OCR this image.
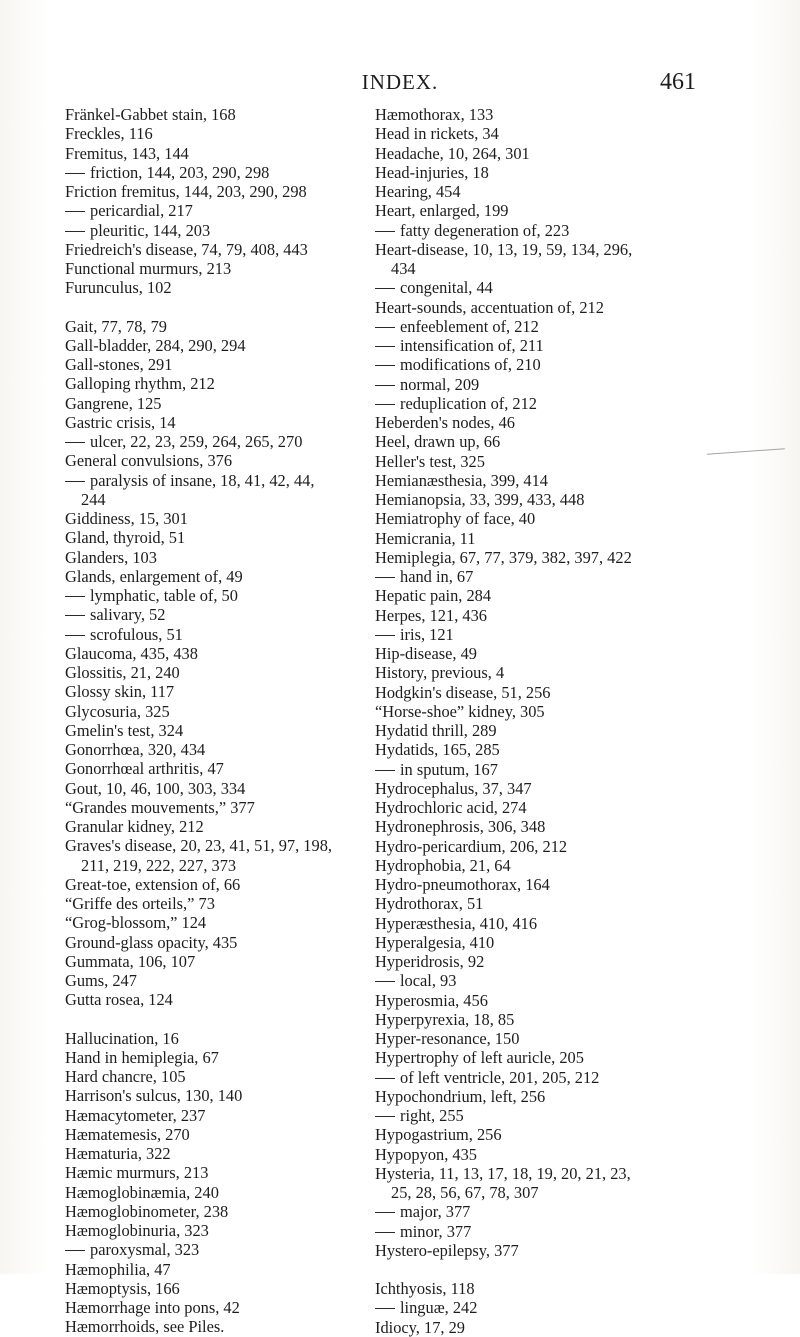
INDEX.	461
Fränkel-Gabbet stain, 168
Freckles, 116
Fremitus, 143, 144
friction, 144, 203, 290, 298
Friction fremitus, 144, 203, 290, 298
pericardial, 217
pleuritic, 144, 203
Friedreich's disease, 74, 79, 408, 443
Functional murmurs, 213
Furunculus, 102
Gait, 77, 78, 79
Gall-bladder, 284, 290, 294
Gall-stones, 291
Galloping rhythm, 212
Gangrene, 125
Gastric crisis, 14
ulcer, 22, 23, 259, 264, 265, 270
General convulsions, 376
paralysis of insane, 18, 41, 42, 44,
244
Giddiness, 15, 301
Gland, thyroid, 51
Glanders, 103
Glands, enlargement of, 49
lymphatic, table of, 50
salivary, 52
scrofulous, 51
Glaucoma, 435, 438
Glossitis, 21, 240
Glossy skin, 117
Glycosuria, 325
Gmelin's test, 324
Gonorrhœa, 320, 434
Gonorrhœal arthritis, 47
Gout, 10, 46, 100, 303, 334
“Grandes mouvements,” 377
Granular kidney, 212
Graves's disease, 20, 23, 41, 51, 97, 198,
211, 219, 222, 227, 373
Great-toe, extension of, 66
“Griffe des orteils,” 73
“Grog-blossom,” 124
Ground-glass opacity, 435
Gummata, 106, 107
Gums, 247
Gutta rosea, 124
Hallucination, 16
Hand in hemiplegia, 67
Hard chancre, 105
Harrison's sulcus, 130, 140
Hæmacytometer, 237
Hæmatemesis, 270
Hæmaturia, 322
Hæmic murmurs, 213
Hæmoglobinæmia, 240
Hæmoglobinometer, 238
Hæmoglobinuria, 323
paroxysmal, 323
Hæmophilia, 47
Hæmoptysis, 166
Hæmorrhage into pons, 42
Hæmorrhoids, see Piles.
Hæmothorax, 133
Head in rickets, 34
Headache, 10, 264, 301
Head-injuries, 18
Hearing, 454
Heart, enlarged, 199
fatty degeneration of, 223
Heart-disease, 10, 13, 19, 59, 134, 296,
434
congenital, 44
Heart-sounds, accentuation of, 212
enfeeblement of, 212
intensification of, 211
modifications of, 210
normal, 209
reduplication of, 212
Heberden's nodes, 46
Heel, drawn up, 66
Heller's test, 325
Hemianæsthesia, 399, 414
Hemianopsia, 33, 399, 433, 448
Hemiatrophy of face, 40
Hemicrania, 11
Hemiplegia, 67, 77, 379, 382, 397, 422
hand in, 67
Hepatic pain, 284
Herpes, 121, 436
iris, 121
Hip-disease, 49
History, previous, 4
Hodgkin's disease, 51, 256
“Horse-shoe” kidney, 305
Hydatid thrill, 289
Hydatids, 165, 285
in sputum, 167
Hydrocephalus, 37, 347
Hydrochloric acid, 274
Hydronephrosis, 306, 348
Hydro-pericardium, 206, 212
Hydrophobia, 21, 64
Hydro-pneumothorax, 164
Hydrothorax, 51
Hyperæsthesia, 410, 416
Hyperalgesia, 410
Hyperidrosis, 92
local, 93
Hyperosmia, 456
Hyperpyrexia, 18, 85
Hyper-resonance, 150
Hypertrophy of left auricle, 205
of left ventricle, 201, 205, 212
Hypochondrium, left, 256
right, 255
Hypogastrium, 256
Hypopyon, 435
Hysteria, 11, 13, 17, 18, 19, 20, 21, 23,
25, 28, 56, 67, 78, 307
major, 377
minor, 377
Hystero-epilepsy, 377
Ichthyosis, 118
linguæ, 242
Idiocy, 17, 29
